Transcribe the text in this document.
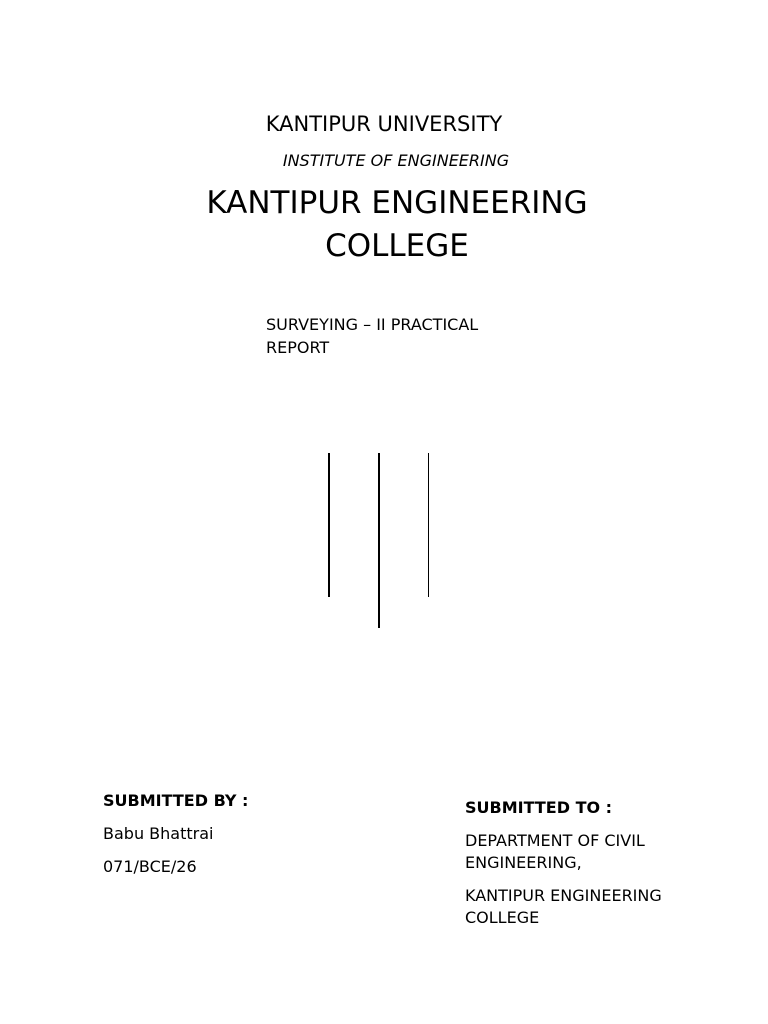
KANTIPUR UNIVERSITY
INSTITUTE OF ENGINEERING
KANTIPUR ENGINEERING
COLLEGE
SURVEYING – II PRACTICAL
REPORT
SUBMITTED BY :
Babu Bhattrai
071/BCE/26
SUBMITTED TO :
DEPARTMENT OF CIVIL
ENGINEERING,
KANTIPUR ENGINEERING
COLLEGE
